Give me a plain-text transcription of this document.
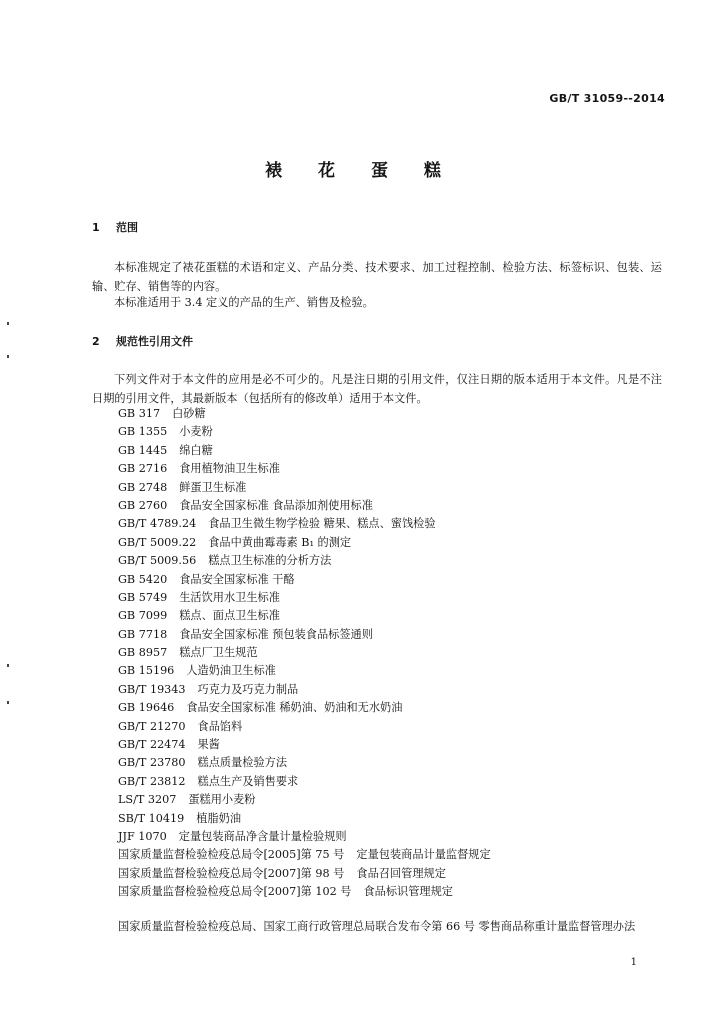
GB/T 31059--2014
裱 花 蛋 糕
1 范围
本标准规定了裱花蛋糕的术语和定义、产品分类、技术要求、加工过程控制、检验方法、标签标识、包装、运输、贮存、销售等的内容。
本标准适用于 3.4 定义的产品的生产、销售及检验。
2 规范性引用文件
下列文件对于本文件的应用是必不可少的。凡是注日期的引用文件，仅注日期的版本适用于本文件。凡是不注日期的引用文件，其最新版本（包括所有的修改单）适用于本文件。
GB 317 白砂糖
GB 1355 小麦粉
GB 1445 绵白糖
GB 2716 食用植物油卫生标准
GB 2748 鲜蛋卫生标准
GB 2760 食品安全国家标准 食品添加剂使用标准
GB/T 4789.24 食品卫生微生物学检验 糖果、糕点、蜜饯检验
GB/T 5009.22 食品中黄曲霉毒素 B₁ 的测定
GB/T 5009.56 糕点卫生标准的分析方法
GB 5420 食品安全国家标准 干酪
GB 5749 生活饮用水卫生标准
GB 7099 糕点、面点卫生标准
GB 7718 食品安全国家标准 预包装食品标签通则
GB 8957 糕点厂卫生规范
GB 15196 人造奶油卫生标准
GB/T 19343 巧克力及巧克力制品
GB 19646 食品安全国家标准 稀奶油、奶油和无水奶油
GB/T 21270 食品馅料
GB/T 22474 果酱
GB/T 23780 糕点质量检验方法
GB/T 23812 糕点生产及销售要求
LS/T 3207 蛋糕用小麦粉
SB/T 10419 植脂奶油
JJF 1070 定量包装商品净含量计量检验规则
国家质量监督检验检疫总局令[2005]第 75 号 定量包装商品计量监督规定
国家质量监督检验检疫总局令[2007]第 98 号 食品召回管理规定
国家质量监督检验检疫总局令[2007]第 102 号 食品标识管理规定
国家质量监督检验检疫总局、国家工商行政管理总局联合发布令第 66 号 零售商品称重计量监督管理办法
1
